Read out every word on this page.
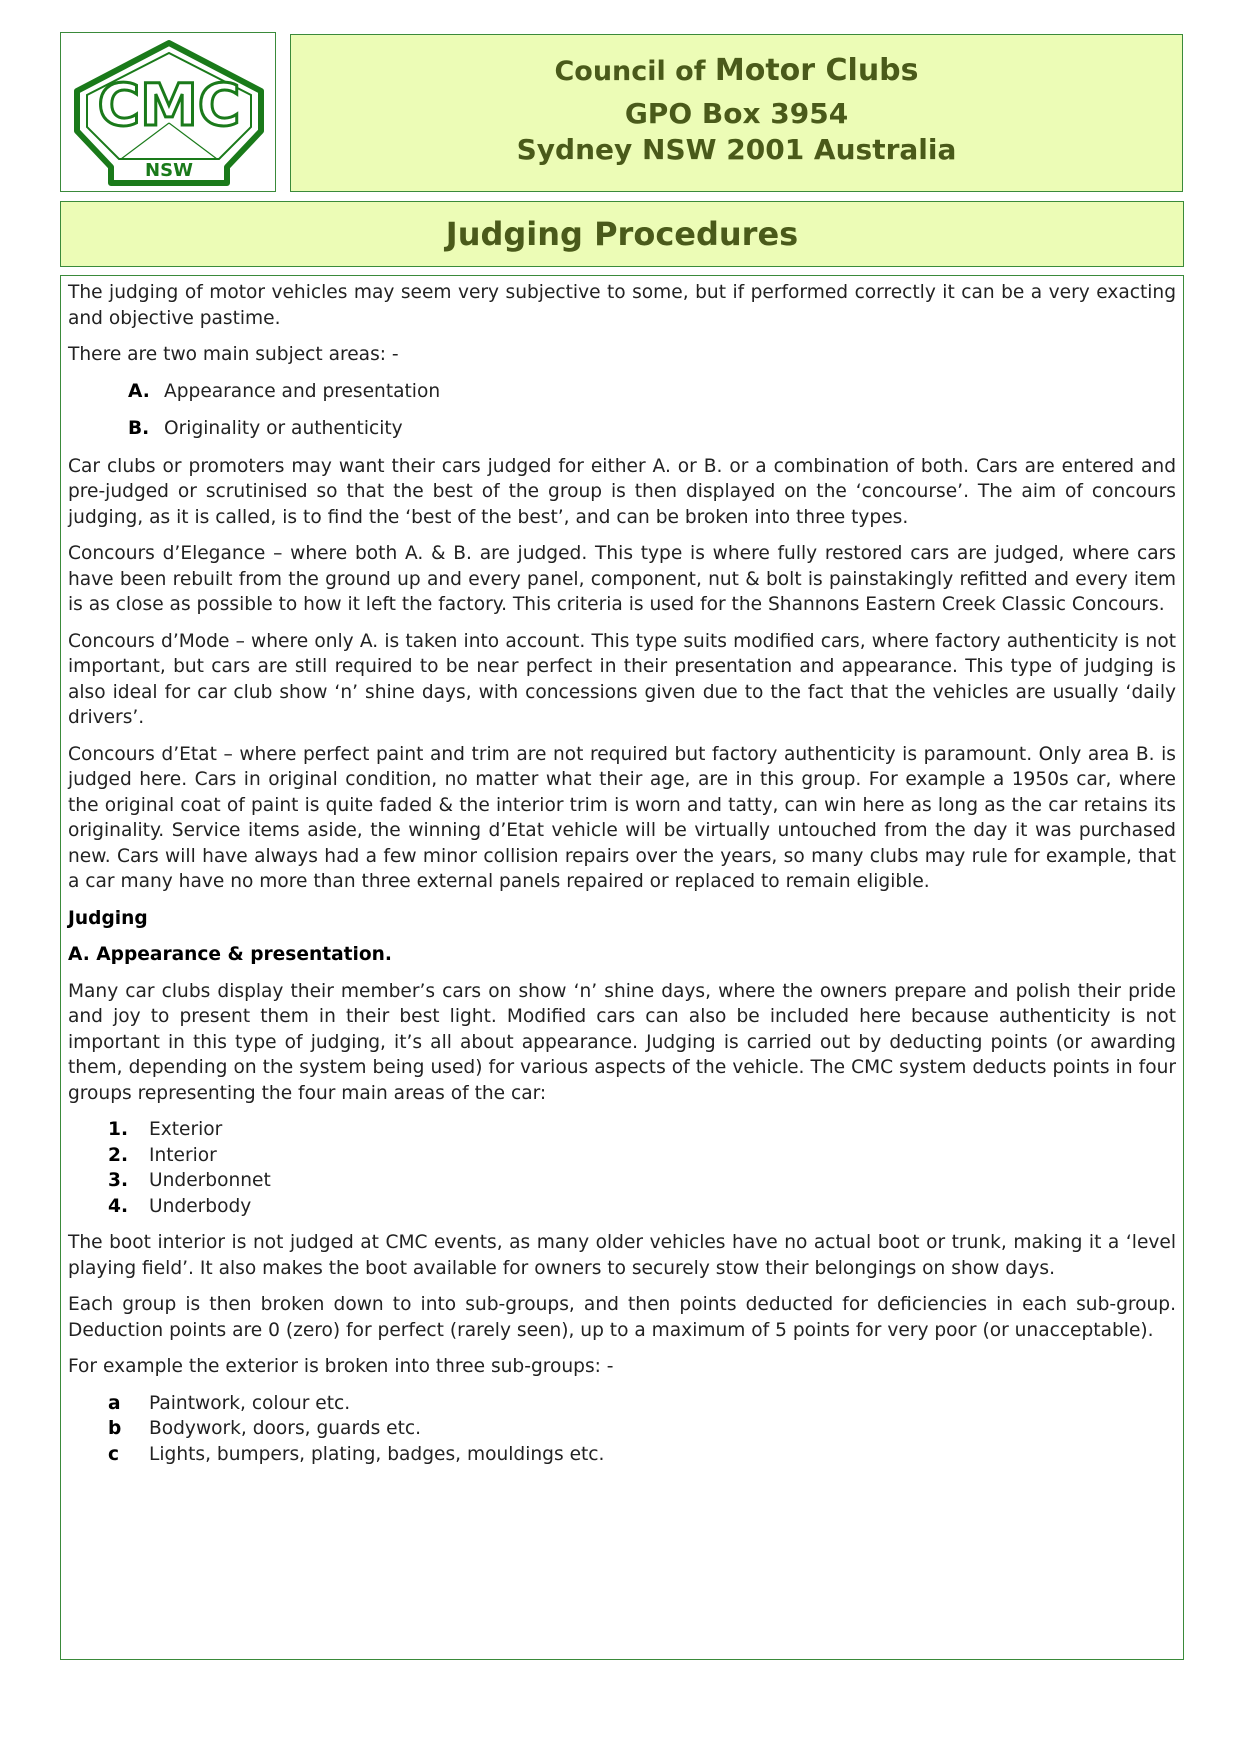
CMC
NSW
Council of Motor Clubs
GPO Box 3954
Sydney NSW 2001 Australia
Judging Procedures

The judging of motor vehicles may seem very subjective to some, but if performed correctly it can be a very exacting and objective pastime.

There are two main subject areas: -

A. Appearance and presentation
B. Originality or authenticity

Car clubs or promoters may want their cars judged for either A. or B. or a combination of both. Cars are entered and pre-judged or scrutinised so that the best of the group is then displayed on the ‘concourse’. The aim of concours judging, as it is called, is to find the ‘best of the best’, and can be broken into three types.

Concours d’Elegance – where both A. & B. are judged. This type is where fully restored cars are judged, where cars have been rebuilt from the ground up and every panel, component, nut & bolt is painstakingly refitted and every item is as close as possible to how it left the factory. This criteria is used for the Shannons Eastern Creek Classic Concours.

Concours d’Mode – where only A. is taken into account. This type suits modified cars, where factory authenticity is not important, but cars are still required to be near perfect in their presentation and appearance. This type of judging is also ideal for car club show ‘n’ shine days, with concessions given due to the fact that the vehicles are usually ‘daily drivers’.

Concours d’Etat – where perfect paint and trim are not required but factory authenticity is paramount. Only area B. is judged here. Cars in original condition, no matter what their age, are in this group. For example a 1950s car, where the original coat of paint is quite faded & the interior trim is worn and tatty, can win here as long as the car retains its originality. Service items aside, the winning d’Etat vehicle will be virtually untouched from the day it was purchased new. Cars will have always had a few minor collision repairs over the years, so many clubs may rule for example, that a car many have no more than three external panels repaired or replaced to remain eligible.

Judging

A. Appearance & presentation.

Many car clubs display their member’s cars on show ‘n’ shine days, where the owners prepare and polish their pride and joy to present them in their best light. Modified cars can also be included here because authenticity is not important in this type of judging, it’s all about appearance. Judging is carried out by deducting points (or awarding them, depending on the system being used) for various aspects of the vehicle. The CMC system deducts points in four groups representing the four main areas of the car:

1. Exterior
2. Interior
3. Underbonnet
4. Underbody

The boot interior is not judged at CMC events, as many older vehicles have no actual boot or trunk, making it a ‘level playing field’. It also makes the boot available for owners to securely stow their belongings on show days.

Each group is then broken down to into sub-groups, and then points deducted for deficiencies in each sub-group. Deduction points are 0 (zero) for perfect (rarely seen), up to a maximum of 5 points for very poor (or unacceptable).

For example the exterior is broken into three sub-groups: -

a Paintwork, colour etc.
b Bodywork, doors, guards etc.
c Lights, bumpers, plating, badges, mouldings etc.
